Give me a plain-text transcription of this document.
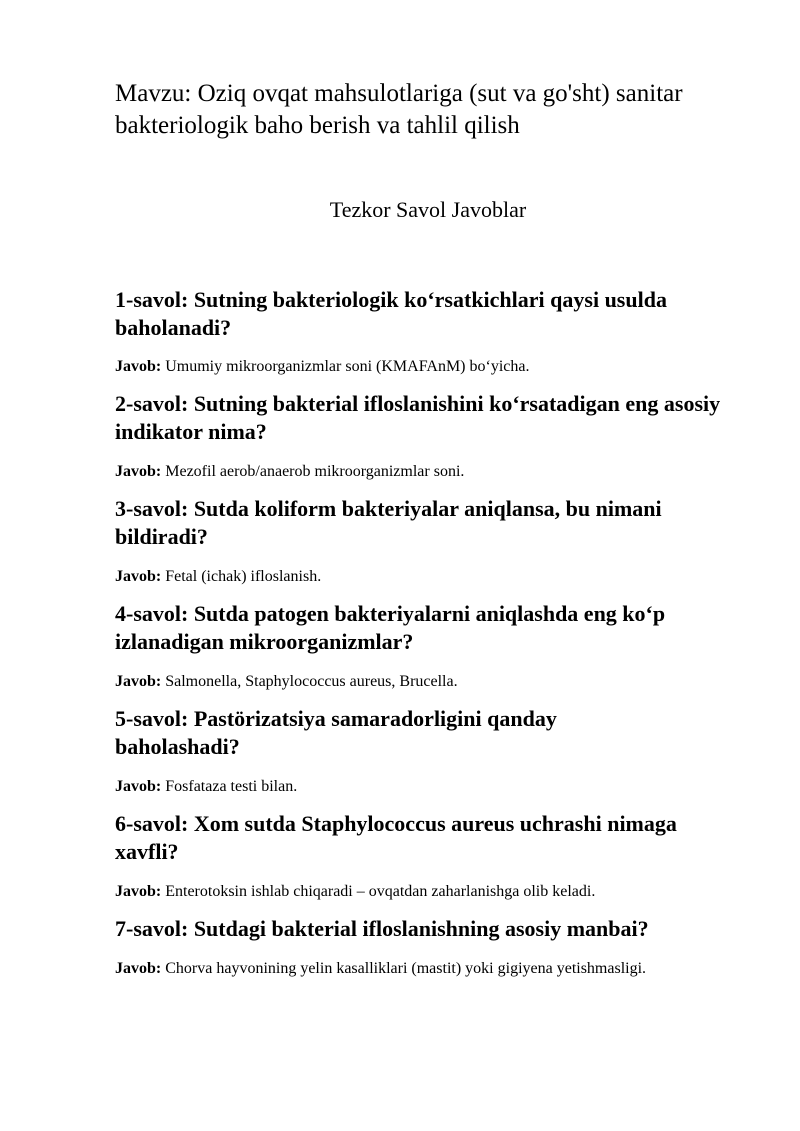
Mavzu: Oziq ovqat mahsulotlariga (sut va go'sht) sanitar bakteriologik baho berish va tahlil qilish

Tezkor Savol Javoblar

1-savol: Sutning bakteriologik ko‘rsatkichlari qaysi usulda baholanadi?

Javob: Umumiy mikroorganizmlar soni (KMAFAnM) bo‘yicha.

2-savol: Sutning bakterial ifloslanishini ko‘rsatadigan eng asosiy indikator nima?

Javob: Mezofil aerob/anaerob mikroorganizmlar soni.

3-savol: Sutda koliform bakteriyalar aniqlansa, bu nimani bildiradi?

Javob: Fetal (ichak) ifloslanish.

4-savol: Sutda patogen bakteriyalarni aniqlashda eng ko‘p izlanadigan mikroorganizmlar?

Javob: Salmonella, Staphylococcus aureus, Brucella.

5-savol: Pastörizatsiya samaradorligini qanday baholashadi?

Javob: Fosfataza testi bilan.

6-savol: Xom sutda Staphylococcus aureus uchrashi nimaga xavfli?

Javob: Enterotoksin ishlab chiqaradi – ovqatdan zaharlanishga olib keladi.

7-savol: Sutdagi bakterial ifloslanishning asosiy manbai?

Javob: Chorva hayvonining yelin kasalliklari (mastit) yoki gigiyena yetishmasligi.
